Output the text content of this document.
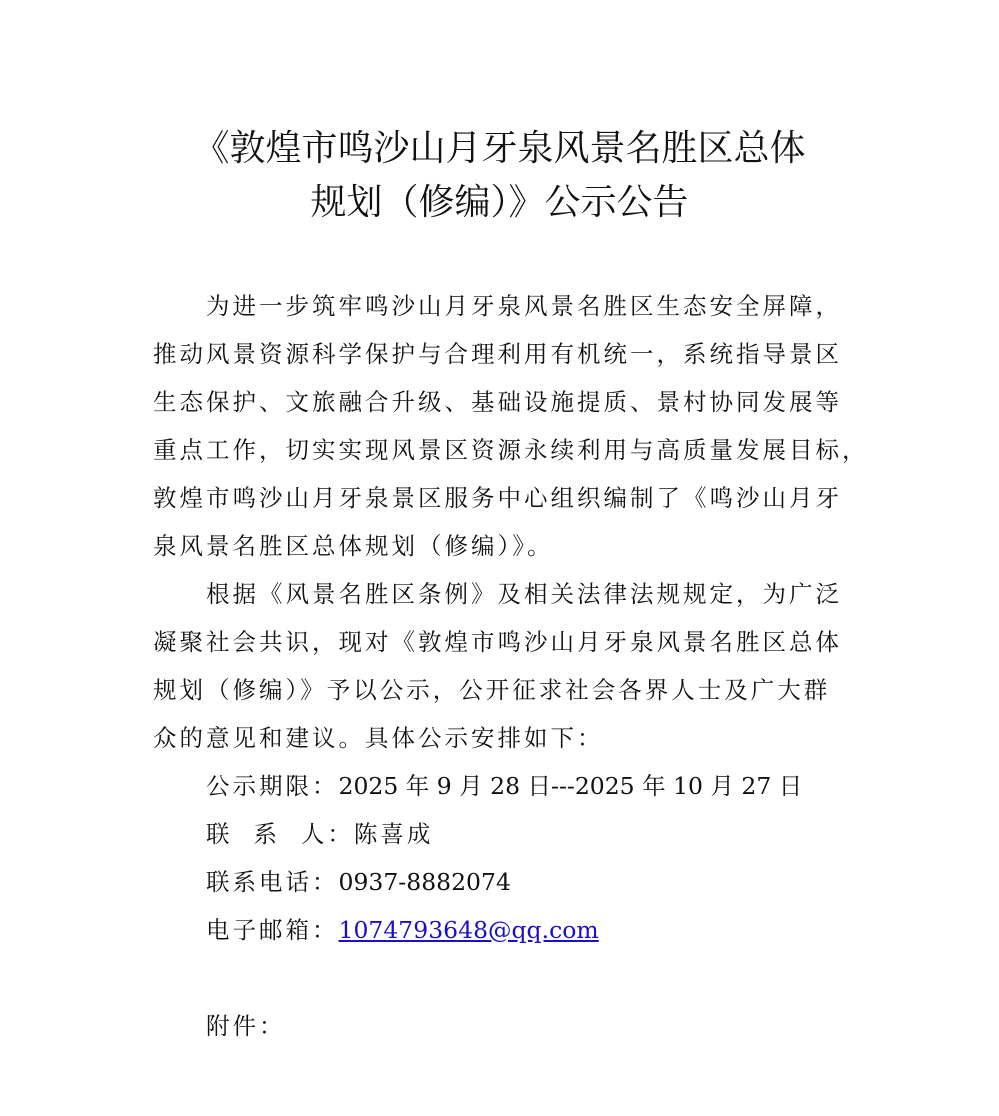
《敦煌市鸣沙山月牙泉风景名胜区总体
规划（修编）》公示公告

为进一步筑牢鸣沙山月牙泉风景名胜区生态安全屏障，
推动风景资源科学保护与合理利用有机统一，系统指导景区
生态保护、文旅融合升级、基础设施提质、景村协同发展等
重点工作，切实实现风景区资源永续利用与高质量发展目标，
敦煌市鸣沙山月牙泉景区服务中心组织编制了《鸣沙山月牙
泉风景名胜区总体规划（修编）》。

根据《风景名胜区条例》及相关法律法规规定，为广泛
凝聚社会共识，现对《敦煌市鸣沙山月牙泉风景名胜区总体
规划（修编）》予以公示，公开征求社会各界人士及广大群
众的意见和建议。具体公示安排如下：

公示期限：2025 年 9 月 28 日---2025 年 10 月 27 日
联  系  人：陈喜成
联系电话：0937-8882074
电子邮箱：1074793648@qq.com

附件：
